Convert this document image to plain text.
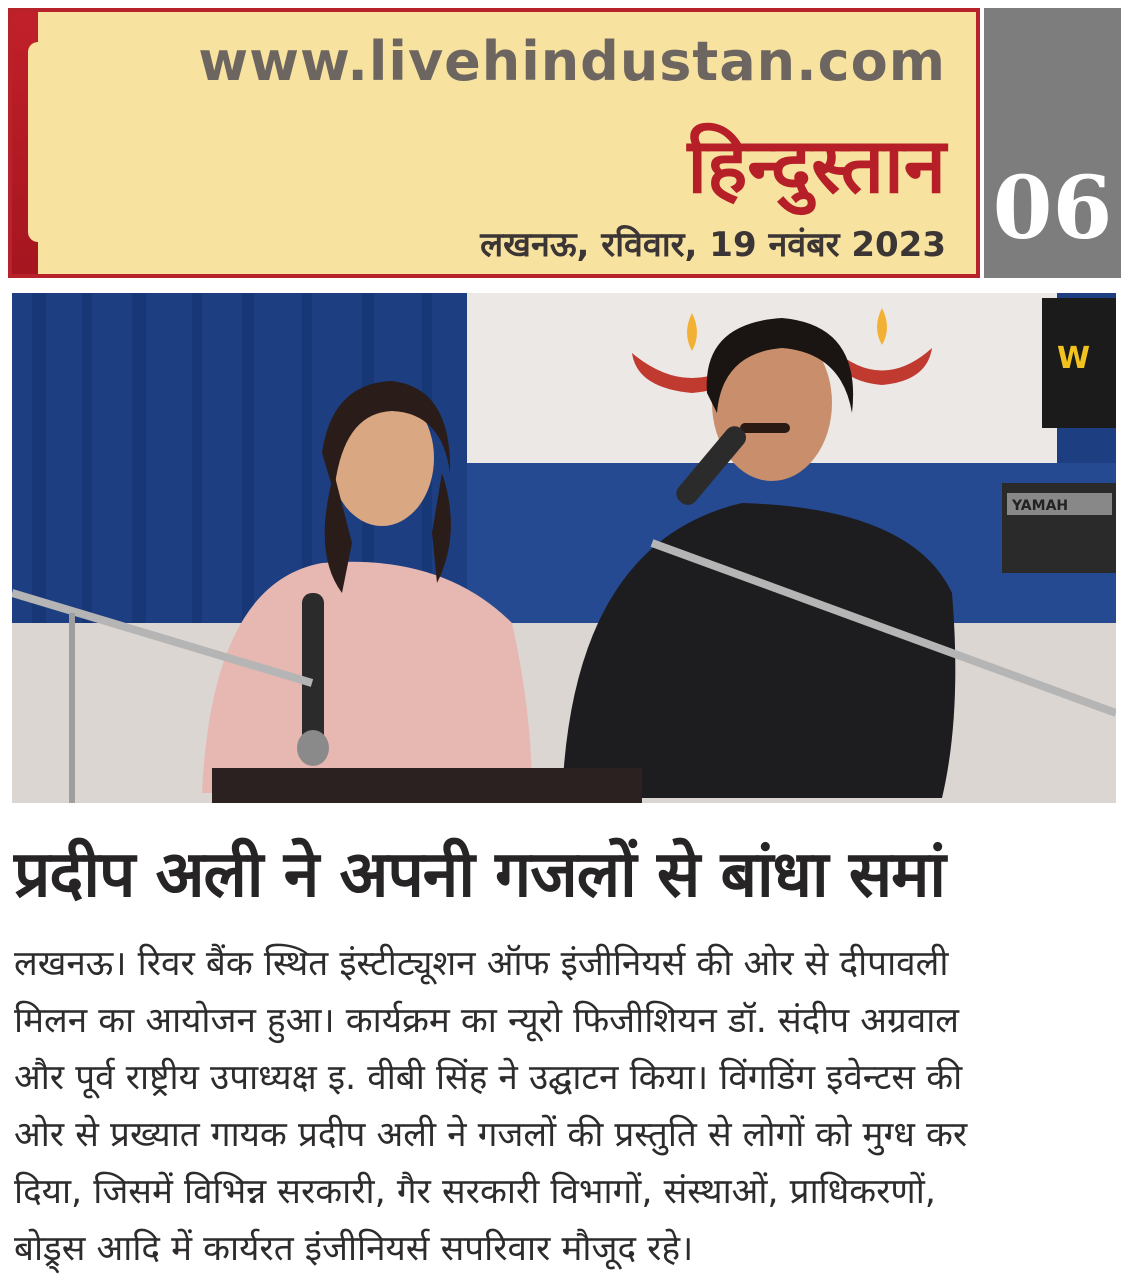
www.livehindustan.com
हिन्दुस्तान
लखनऊ, रविवार, 19 नवंबर 2023 06
W
YAMAH
प्रदीप अली ने अपनी गजलों से बांधा समां
लखनऊ। रिवर बैंक स्थित इंस्टीट्यूशन ऑफ इंजीनियर्स की ओर से दीपावली
मिलन का आयोजन हुआ। कार्यक्रम का न्यूरो फिजीशियन डॉ. संदीप अग्रवाल
और पूर्व राष्ट्रीय उपाध्यक्ष इ. वीबी सिंह ने उद्घाटन किया। विंगडिंग इवेन्टस की
ओर से प्रख्यात गायक प्रदीप अली ने गजलों की प्रस्तुति से लोगों को मुग्ध कर
दिया, जिसमें विभिन्न सरकारी, गैर सरकारी विभागों, संस्थाओं, प्राधिकरणों,
बोड्र्स आदि में कार्यरत इंजीनियर्स सपरिवार मौजूद रहे।
